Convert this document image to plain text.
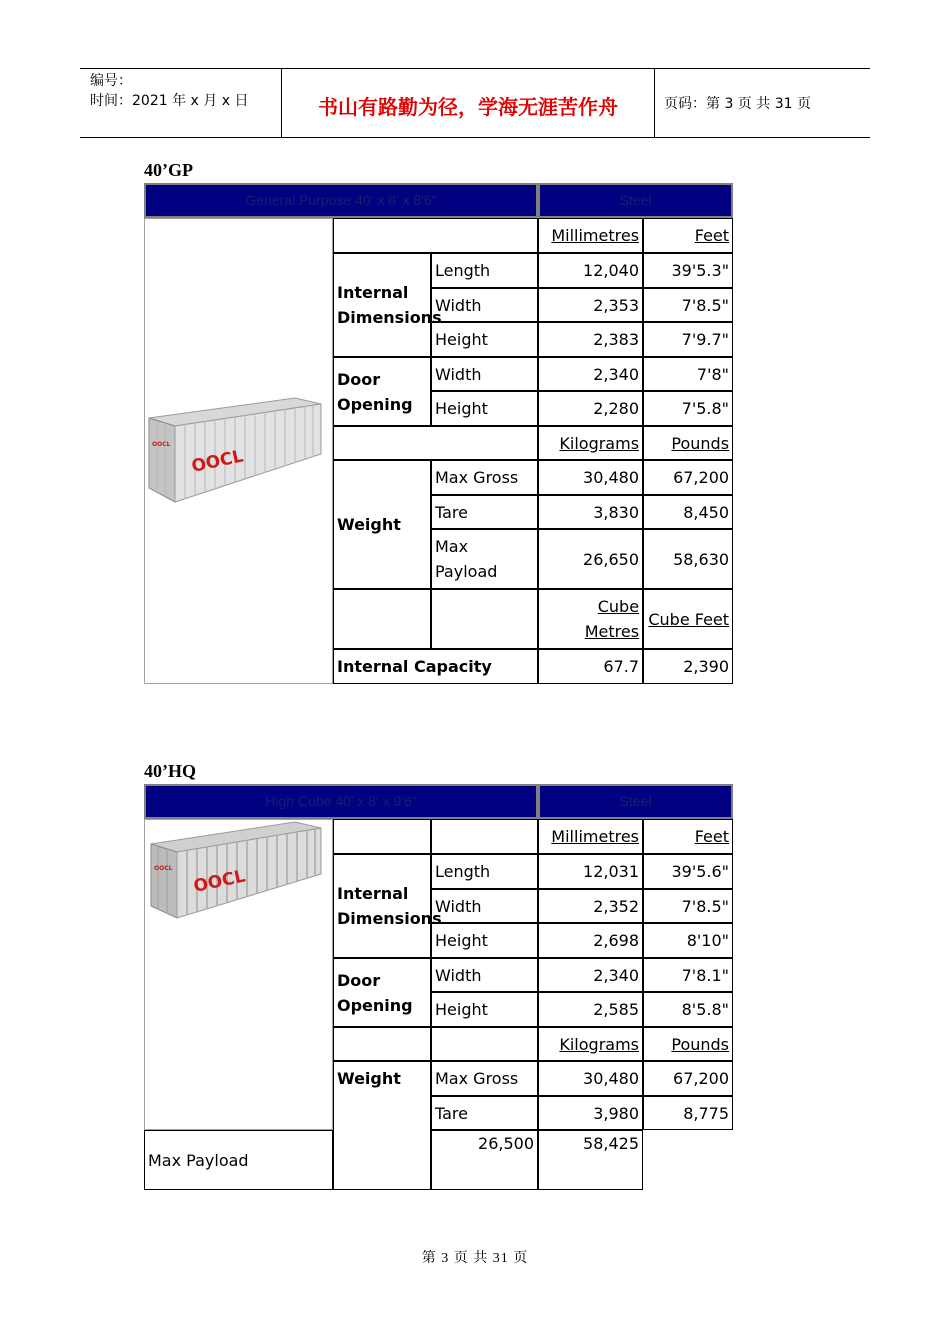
编号：
时间：2021 年 x 月 x 日	书山有路勤为径，学海无涯苦作舟	页码：第 3 页 共 31 页
40’GP
General Purpose 40' x 8' x 8'6"			Steel	

OOCL
OOCL			Millimetres	Feet
	Internal Dimensions	Length	12,040	39'5.3"
		Width	2,353	7'8.5"
		Height	2,383	7'9.7"
	Door Opening	Width	2,340	7'8"
		Height	2,280	7'5.8"
			Kilograms	Pounds
	Weight	Max Gross	30,480	67,200
		Tare	3,830	8,450
		Max Payload	26,650	58,630
			Cube Metres	Cube Feet
	Internal Capacity		67.7	2,390
40’HQ
High Cube 40' x 8' x 9'6"			Steel	

OOCL
OOCL			Millimetres	Feet
	Internal Dimensions	Length	12,031	39'5.6"
		Width	2,352	7'8.5"
		Height	2,698	8'10"
	Door Opening	Width	2,340	7'8.1"
		Height	2,585	8'5.8"
			Kilograms	Pounds
	Weight	Max Gross	30,480	67,200
		Tare	3,980	8,775
Max Payload		26,500	58,425	
第 3 页 共 31 页
